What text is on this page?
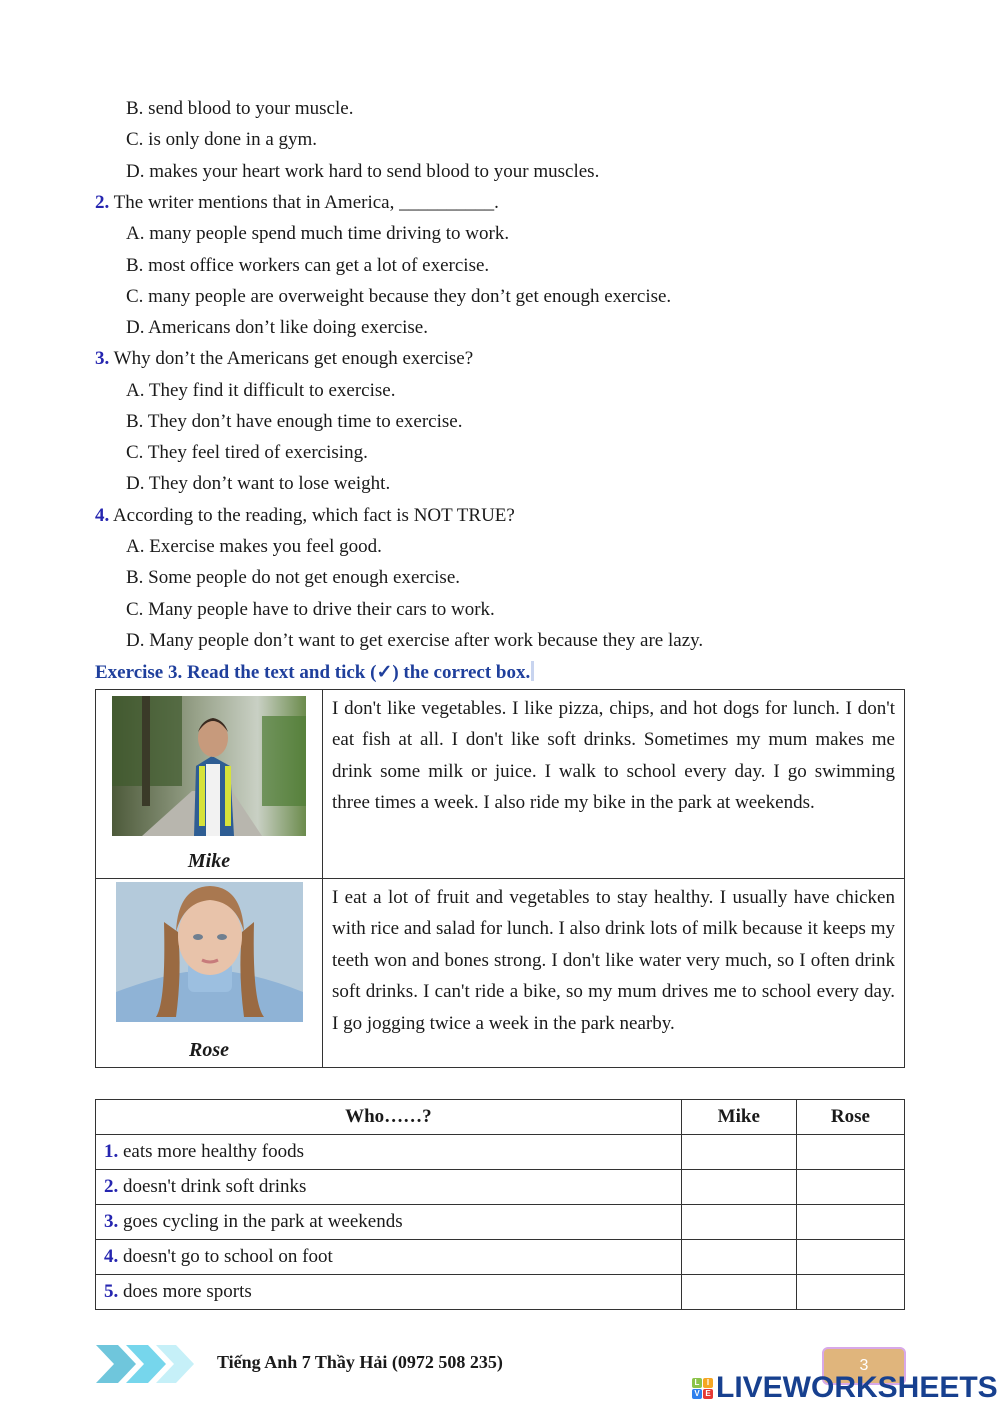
B. send blood to your muscle.
C. is only done in a gym.
D. makes your heart work hard to send blood to your muscles.
2. The writer mentions that in America, __________.
A. many people spend much time driving to work.
B. most office workers can get a lot of exercise.
C. many people are overweight because they don’t get enough exercise.
D. Americans don’t like doing exercise.
3. Why don’t the Americans get enough exercise?
A. They find it difficult to exercise.
B. They don’t have enough time to exercise.
C. They feel tired of exercising.
D. They don’t want to lose weight.
4. According to the reading, which fact is NOT TRUE?
A. Exercise makes you feel good.
B. Some people do not get enough exercise.
C. Many people have to drive their cars to work.
D. Many people don’t want to get exercise after work because they are lazy.
Exercise 3. Read the text and tick (✓) the correct box.
Mike	I don't like vegetables. I like pizza, chips, and hot dogs for lunch. I don't eat fish at all. I don't like soft drinks. Sometimes my mum makes me drink some milk or juice. I walk to school every day. I go swimming three times a week. I also ride my bike in the park at weekends.

Rose	I eat a lot of fruit and vegetables to stay healthy. I usually have chicken with rice and salad for lunch. I also drink lots of milk because it keeps my teeth won and bones strong. I don't like water very much, so I often drink soft drinks. I can't ride a bike, so my mum drives me to school every day. I go jogging twice a week in the park nearby.
Who……?	Mike	Rose
1. eats more healthy foods		
2. doesn't drink soft drinks		
3. goes cycling in the park at weekends		
4. doesn't go to school on foot		
5. does more sports		
Tiếng Anh 7 Thầy Hải (0972 508 235)	3
L I
V E LIVEWORKSHEETS
